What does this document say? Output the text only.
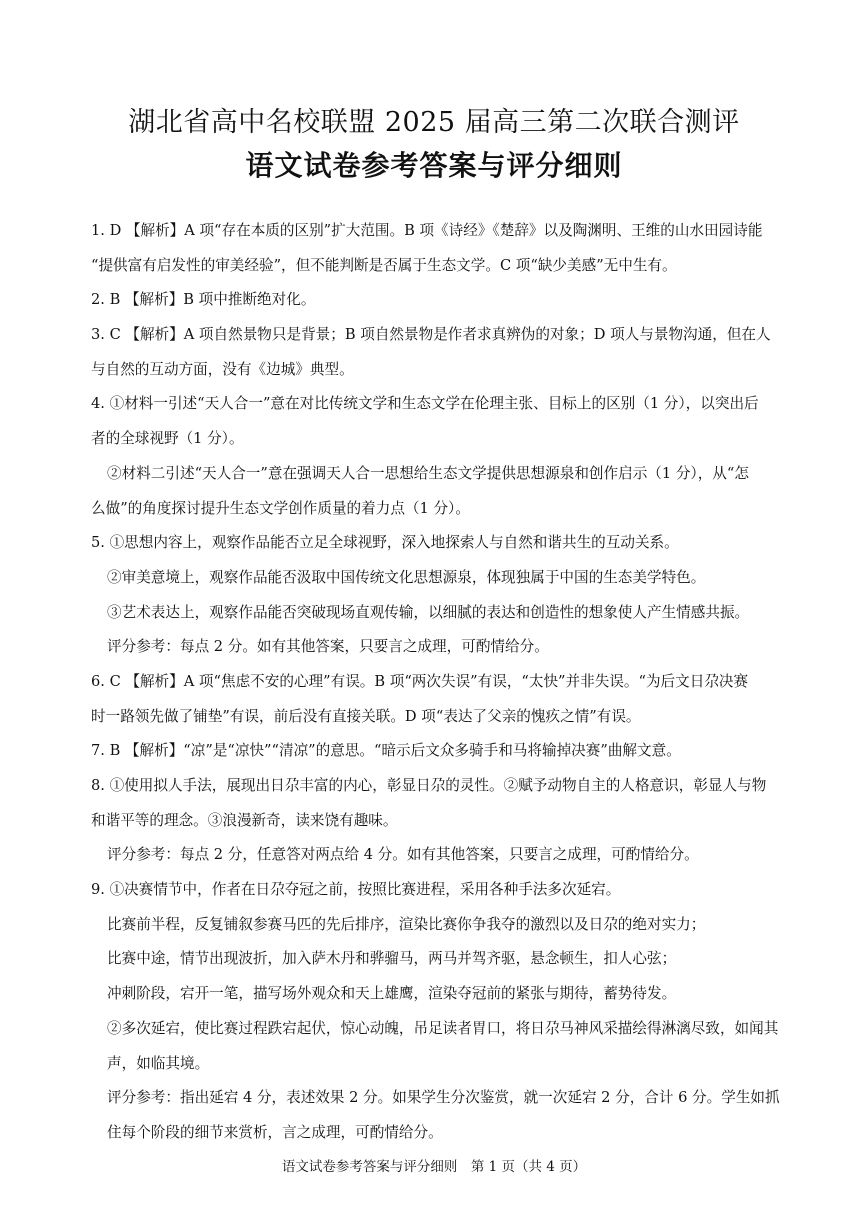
湖北省高中名校联盟 2025 届高三第二次联合测评
语文试卷参考答案与评分细则
1. D 【解析】A 项“存在本质的区别”扩大范围。B 项《诗经》《楚辞》以及陶渊明、王维的山水田园诗能
“提供富有启发性的审美经验”，但不能判断是否属于生态文学。C 项“缺少美感”无中生有。
2. B 【解析】B 项中推断绝对化。
3. C 【解析】A 项自然景物只是背景；B 项自然景物是作者求真辨伪的对象；D 项人与景物沟通，但在人
与自然的互动方面，没有《边城》典型。
4. ①材料一引述“天人合一”意在对比传统文学和生态文学在伦理主张、目标上的区别（1 分），以突出后
者的全球视野（1 分）。
②材料二引述“天人合一”意在强调天人合一思想给生态文学提供思想源泉和创作启示（1 分），从“怎
么做”的角度探讨提升生态文学创作质量的着力点（1 分）。
5. ①思想内容上，观察作品能否立足全球视野，深入地探索人与自然和谐共生的互动关系。
②审美意境上，观察作品能否汲取中国传统文化思想源泉，体现独属于中国的生态美学特色。
③艺术表达上，观察作品能否突破现场直观传输，以细腻的表达和创造性的想象使人产生情感共振。
评分参考：每点 2 分。如有其他答案，只要言之成理，可酌情给分。
6. C 【解析】A 项“焦虑不安的心理”有误。B 项“两次失误”有误，“太快”并非失误。“为后文日尕决赛
时一路领先做了铺垫”有误，前后没有直接关联。D 项“表达了父亲的愧疚之情”有误。
7. B 【解析】“凉”是“凉快”“清凉”的意思。“暗示后文众多骑手和马将输掉决赛”曲解文意。
8. ①使用拟人手法，展现出日尕丰富的内心，彰显日尕的灵性。②赋予动物自主的人格意识，彰显人与物
和谐平等的理念。③浪漫新奇，读来饶有趣味。
评分参考：每点 2 分，任意答对两点给 4 分。如有其他答案，只要言之成理，可酌情给分。
9. ①决赛情节中，作者在日尕夺冠之前，按照比赛进程，采用各种手法多次延宕。
比赛前半程，反复铺叙参赛马匹的先后排序，渲染比赛你争我夺的激烈以及日尕的绝对实力；
比赛中途，情节出现波折，加入萨木丹和骅骝马，两马并驾齐驱，悬念顿生，扣人心弦；
冲刺阶段，宕开一笔，描写场外观众和天上雄鹰，渲染夺冠前的紧张与期待，蓄势待发。
②多次延宕，使比赛过程跌宕起伏，惊心动魄，吊足读者胃口，将日尕马神风采描绘得淋漓尽致，如闻其
声，如临其境。
评分参考：指出延宕 4 分，表述效果 2 分。如果学生分次鉴赏，就一次延宕 2 分，合计 6 分。学生如抓
住每个阶段的细节来赏析，言之成理，可酌情给分。
语文试卷参考答案与评分细则　第 1 页（共 4 页）
